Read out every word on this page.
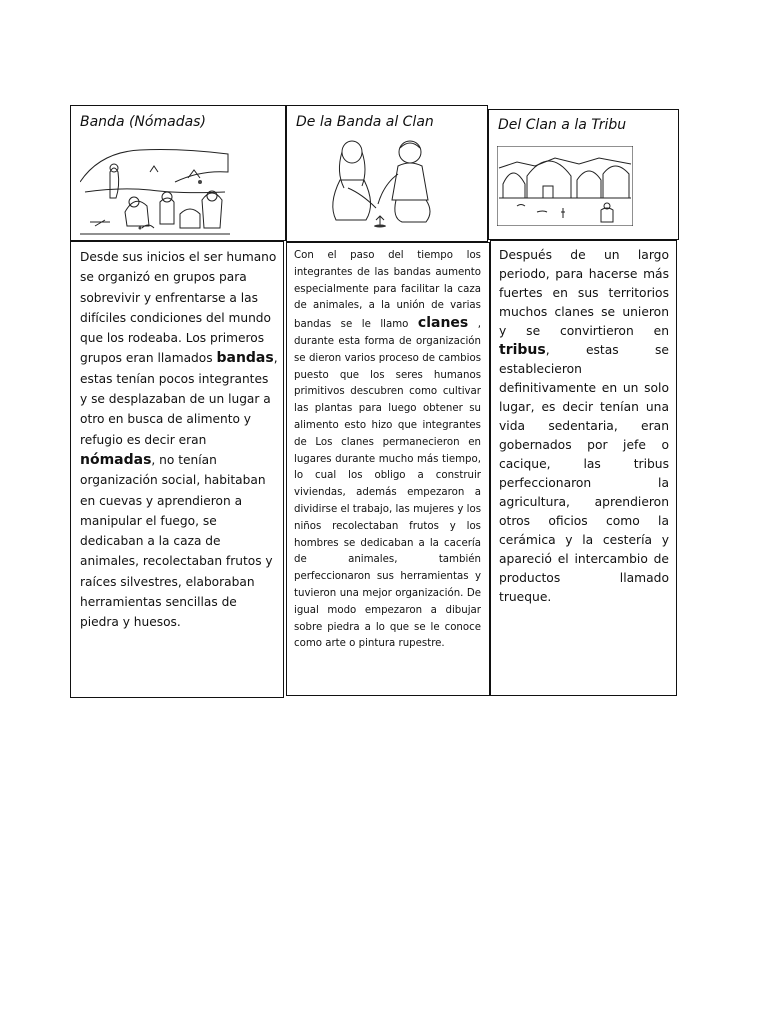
Banda (Nómadas)
Desde sus inicios el ser humano se organizó en grupos para sobrevivir y enfrentarse a las difíciles condiciones del mundo que los rodeaba. Los primeros grupos eran llamados bandas, estas tenían pocos integrantes y se desplazaban de un lugar a otro en busca de alimento y refugio es decir eran nómadas, no tenían organización social, habitaban en cuevas y aprendieron a manipular el fuego, se dedicaban a la caza de animales, recolectaban frutos y raíces silvestres, elaboraban herramientas sencillas de piedra y huesos.
De la Banda al Clan
Con el paso del tiempo los integrantes de las bandas aumento especialmente para facilitar la caza de animales, a la unión de varias bandas se le llamo clanes , durante esta forma de organización se dieron varios proceso de cambios puesto que los seres humanos primitivos descubren como cultivar las plantas para luego obtener su alimento esto hizo que integrantes de Los clanes permanecieron en lugares durante mucho más tiempo, lo cual los obligo a construir viviendas, además empezaron a dividirse el trabajo, las mujeres y los niños recolectaban frutos y los hombres se dedicaban a la cacería de animales, también perfeccionaron sus herramientas y tuvieron una mejor organización. De igual modo empezaron a dibujar sobre piedra a lo que se le conoce como arte o pintura rupestre.
Del Clan a la Tribu
Después de un largo periodo, para hacerse más fuertes en sus territorios muchos clanes se unieron y se convirtieron en tribus, estas se establecieron definitivamente en un solo lugar, es decir tenían una vida sedentaria, eran gobernados por jefe o cacique, las tribus perfeccionaron la agricultura, aprendieron otros oficios como la cerámica y la cestería y apareció el intercambio de productos llamado trueque.
